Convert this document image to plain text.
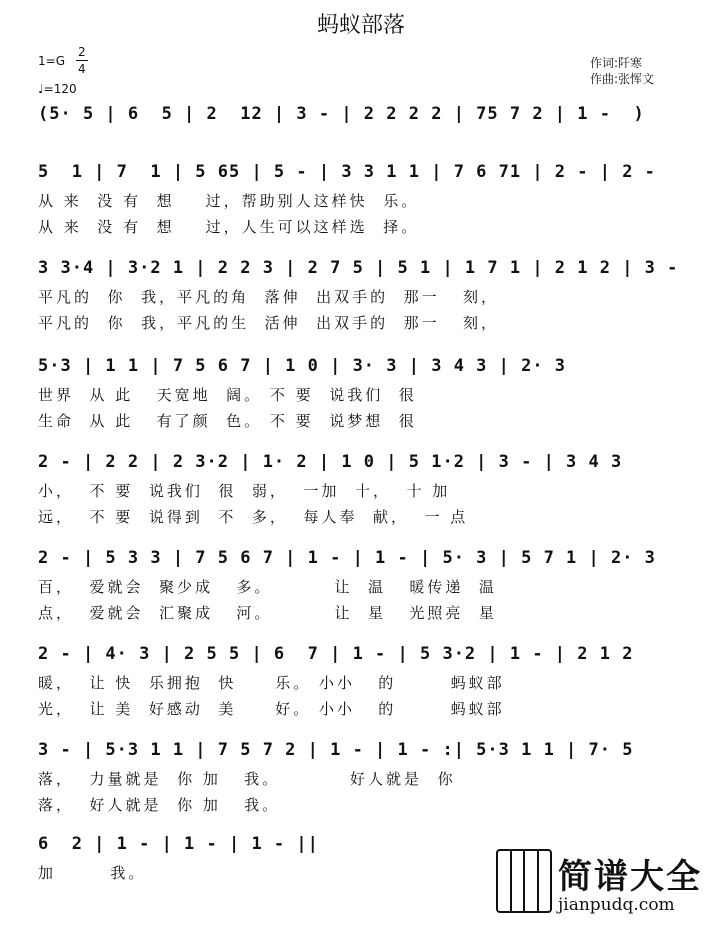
蚂蚁部落
1=G
2
4
♩=120
作词:阡寒
作曲:张恽文
(5· 5 | 6  5 | 2  12 | 3 - | 2 2 2 2 | 75 7 2 | 1 -  )
5  1 | 7  1 | 5 65 | 5 - | 3 3 1 1 | 7 6 71 | 2 - | 2 -
从 来  没 有  想    过，帮助别人这样快  乐。
从 来  没 有  想    过，人生可以这样选  择。
3 3·4 | 3·2 1 | 2 2 3 | 2 7 5 | 5 1 | 1 7 1 | 2 1 2 | 3 -
平凡的  你  我，平凡的角  落伸  出双手的  那一   刻，
平凡的  你  我，平凡的生  活伸  出双手的  那一   刻，
5·3 | 1 1 | 7 5 6 7 | 1 0 | 3· 3 | 3 4 3 | 2· 3
世界  从 此   天宽地  阔。 不 要  说我们  很
生命  从 此   有了颜  色。 不 要  说梦想  很
2 - | 2 2 | 2 3·2 | 1· 2 | 1 0 | 5 1·2 | 3 - | 3 4 3
小，  不 要  说我们  很  弱，  一加  十，  十 加
远，  不 要  说得到  不  多，  每人奉  献，  一 点
2 - | 5 3 3 | 7 5 6 7 | 1 - | 1 - | 5· 3 | 5 7 1 | 2· 3
百，  爱就会  聚少成   多。        让  温   暖传递  温
点，  爱就会  汇聚成   河。        让  星   光照亮  星
2 - | 4· 3 | 2 5 5 | 6  7 | 1 - | 5 3·2 | 1 - | 2 1 2
暖，  让 快  乐拥抱  快     乐。 小小   的       蚂蚁部
光，  让 美  好感动  美     好。 小小   的       蚂蚁部
3 - | 5·3 1 1 | 7 5 7 2 | 1 - | 1 - :| 5·3 1 1 | 7· 5
落，  力量就是  你 加   我。         好人就是  你
落，  好人就是  你 加   我。
6  2 | 1 - | 1 - | 1 - ||
加       我。	简谱大全
jianpudq.com
